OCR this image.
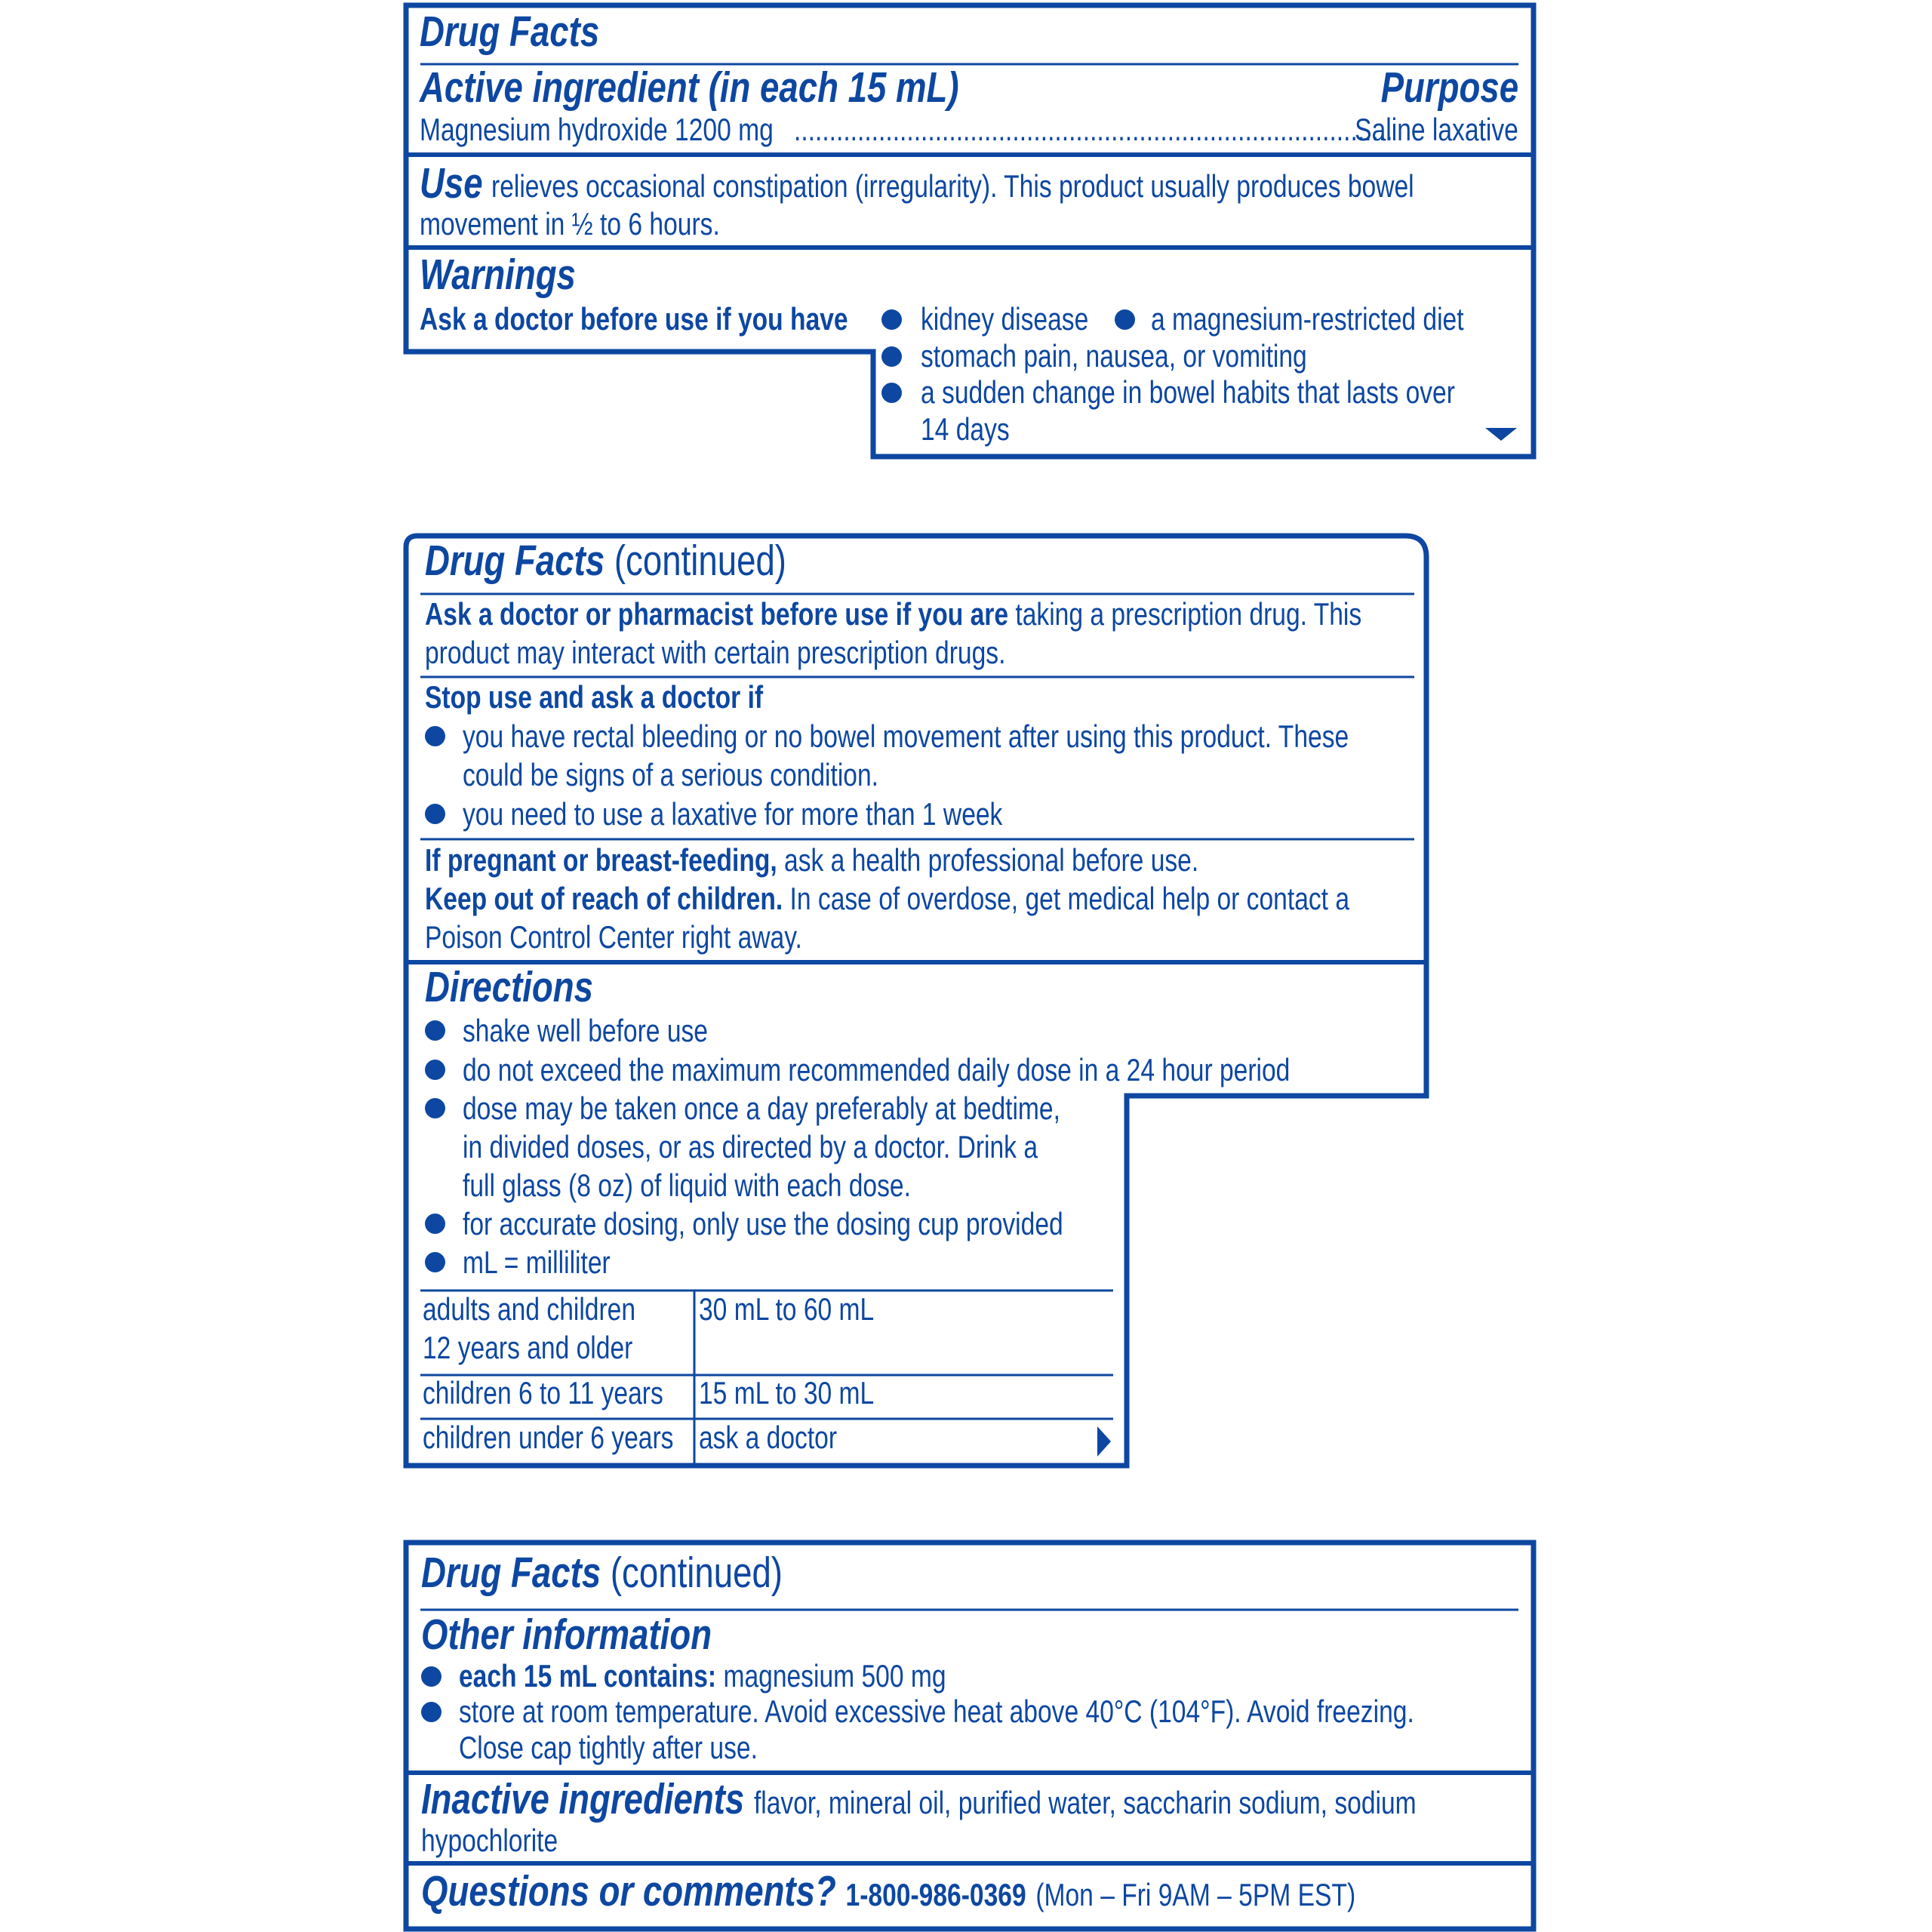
Drug Facts
Active ingredient (in each 15 mL)	Purpose
Magnesium hydroxide 1200 mg .....................................................................................
Saline laxative
Use relieves occasional constipation (irregularity). This product usually produces bowel
movement in ½ to 6 hours.
Warnings
Ask a doctor before use if you have kidney disease a magnesium-restricted diet
stomach pain, nausea, or vomiting
a sudden change in bowel habits that lasts over
14 days
Drug Facts (continued)
Ask a doctor or pharmacist before use if you are taking a prescription drug. This
product may interact with certain prescription drugs.
Stop use and ask a doctor if
you have rectal bleeding or no bowel movement after using this product. These
could be signs of a serious condition.
you need to use a laxative for more than 1 week
If pregnant or breast-feeding, ask a health professional before use.
Keep out of reach of children. In case of overdose, get medical help or contact a
Poison Control Center right away.
Directions
shake well before use
do not exceed the maximum recommended daily dose in a 24 hour period
dose may be taken once a day preferably at bedtime,
in divided doses, or as directed by a doctor. Drink a
full glass (8 oz) of liquid with each dose.
for accurate dosing, only use the dosing cup provided
mL = milliliter
adults and children
12 years and older
30 mL to 60 mL
children 6 to 11 years 15 mL to 30 mL
children under 6 years ask a doctor
Drug Facts (continued)
Other information
each 15 mL contains: magnesium 500 mg
store at room temperature. Avoid excessive heat above 40°C (104°F). Avoid freezing.
Close cap tightly after use.
Inactive ingredients flavor, mineral oil, purified water, saccharin sodium, sodium
hypochlorite
Questions or comments? 1-800-986-0369 (Mon – Fri 9AM – 5PM EST)
